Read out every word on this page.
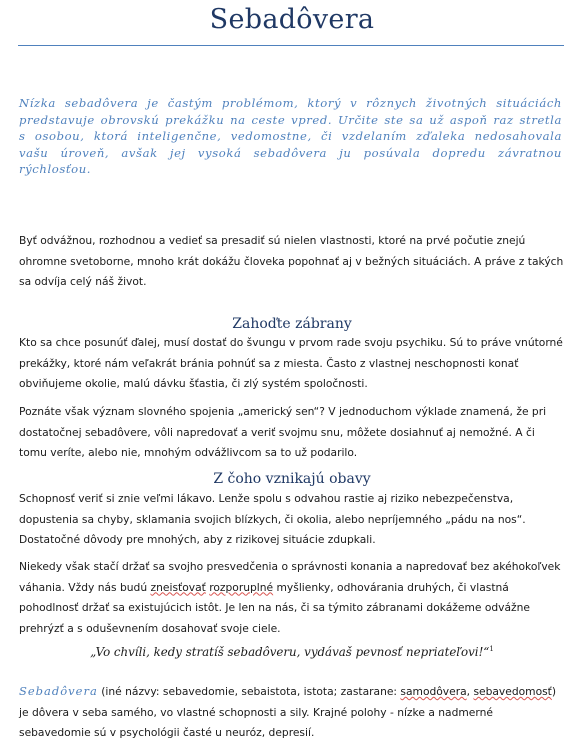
Sebadôvera
Nízka sebadôvera je častým problémom, ktorý v rôznych životných situáciách predstavuje obrovskú prekážku na ceste vpred. Určite ste sa už aspoň raz stretla s osobou, ktorá inteligenčne, vedomostne, či vzdelaním zďaleka nedosahovala vašu úroveň, avšak jej vysoká sebadôvera ju posúvala dopredu závratnou rýchlosťou.
Byť odvážnou, rozhodnou a vedieť sa presadiť sú nielen vlastnosti, ktoré na prvé počutie znejú ohromne svetoborne, mnoho krát dokážu človeka popohnať aj v bežných situáciách. A práve z takých sa odvíja celý náš život.
Zahoďte zábrany
Kto sa chce posunúť ďalej, musí dostať do švungu v prvom rade svoju psychiku. Sú to práve vnútorné prekážky, ktoré nám veľakrát bránia pohnúť sa z miesta. Často z vlastnej neschopnosti konať obviňujeme okolie, malú dávku šťastia, či zlý systém spoločnosti.
Poznáte však význam slovného spojenia „americký sen“? V jednoduchom výklade znamená, že pri dostatočnej sebadôvere, vôli napredovať a veriť svojmu snu, môžete dosiahnuť aj nemožné. A či tomu veríte, alebo nie, mnohým odvážlivcom sa to už podarilo.
Z čoho vznikajú obavy
Schopnosť veriť si znie veľmi lákavo. Lenže spolu s odvahou rastie aj riziko nebezpečenstva, dopustenia sa chyby, sklamania svojich blízkych, či okolia, alebo nepríjemného „pádu na nos“. Dostatočné dôvody pre mnohých, aby z rizikovej situácie zdupkali.
Niekedy však stačí držať sa svojho presvedčenia o správnosti konania a napredovať bez akéhokoľvek váhania. Vždy nás budú zneisťovať rozporuplné myšlienky, odhovárania druhých, či vlastná pohodlnosť držať sa existujúcich istôt. Je len na nás, či sa týmito zábranami dokážeme odvážne prehrýzť a s oduševnením dosahovať svoje ciele.
„Vo chvíli, kedy stratíš sebadôveru, vydávaš pevnosť nepriateľovi!“$^1$
Sebadôvera (iné názvy: sebavedomie, sebaistota, istota; zastarane: samodôvera, sebavedomosť) je dôvera v seba samého, vo vlastné schopnosti a sily. Krajné polohy - nízke a nadmerné sebavedomie sú v psychológii časté u neuróz, depresií.
